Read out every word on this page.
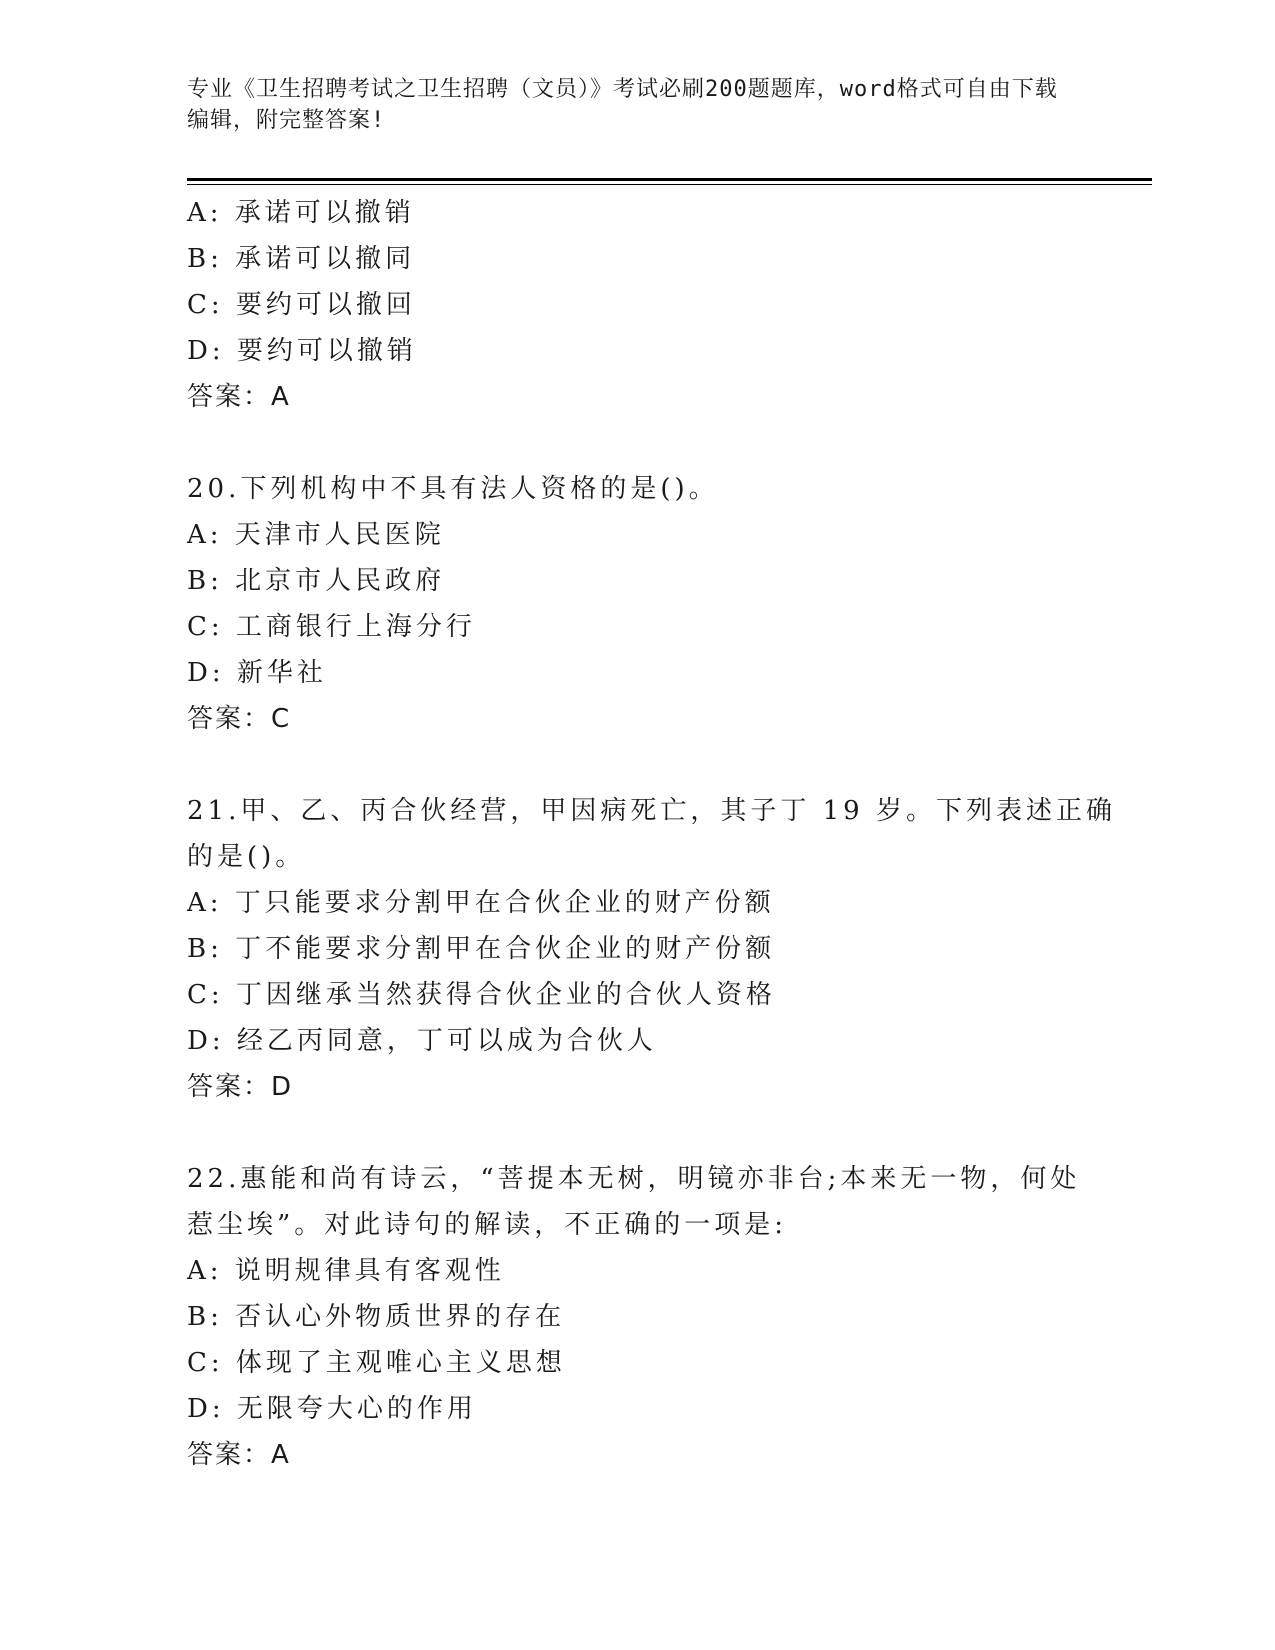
专业《卫生招聘考试之卫生招聘（文员）》考试必刷200题题库，word格式可自由下载编辑，附完整答案!
A: 承诺可以撤销
B: 承诺可以撤同
C: 要约可以撤回
D: 要约可以撤销
答案：A
20.下列机构中不具有法人资格的是()。
A: 天津市人民医院
B: 北京市人民政府
C: 工商银行上海分行
D: 新华社
答案：C
21.甲、乙、丙合伙经营，甲因病死亡，其子丁 19 岁。下列表述正确
的是()。
A: 丁只能要求分割甲在合伙企业的财产份额
B: 丁不能要求分割甲在合伙企业的财产份额
C: 丁因继承当然获得合伙企业的合伙人资格
D: 经乙丙同意，丁可以成为合伙人
答案：D
22.惠能和尚有诗云，“菩提本无树，明镜亦非台;本来无一物，何处
惹尘埃”。对此诗句的解读，不正确的一项是:
A: 说明规律具有客观性
B: 否认心外物质世界的存在
C: 体现了主观唯心主义思想
D: 无限夸大心的作用
答案：A
